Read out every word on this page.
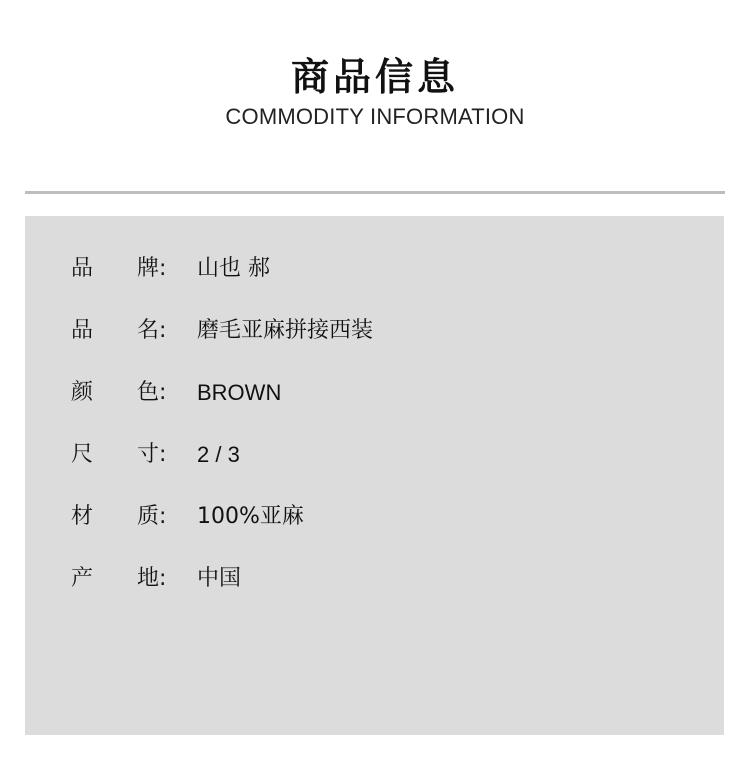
商品信息
COMMODITY INFORMATION
品	牌 :	山也 郝
品	名 :	磨毛亚麻拼接西装
颜	色 :	BROWN
尺	寸 :	2 / 3
材	质 :	100%亚麻
产	地 :	中国
